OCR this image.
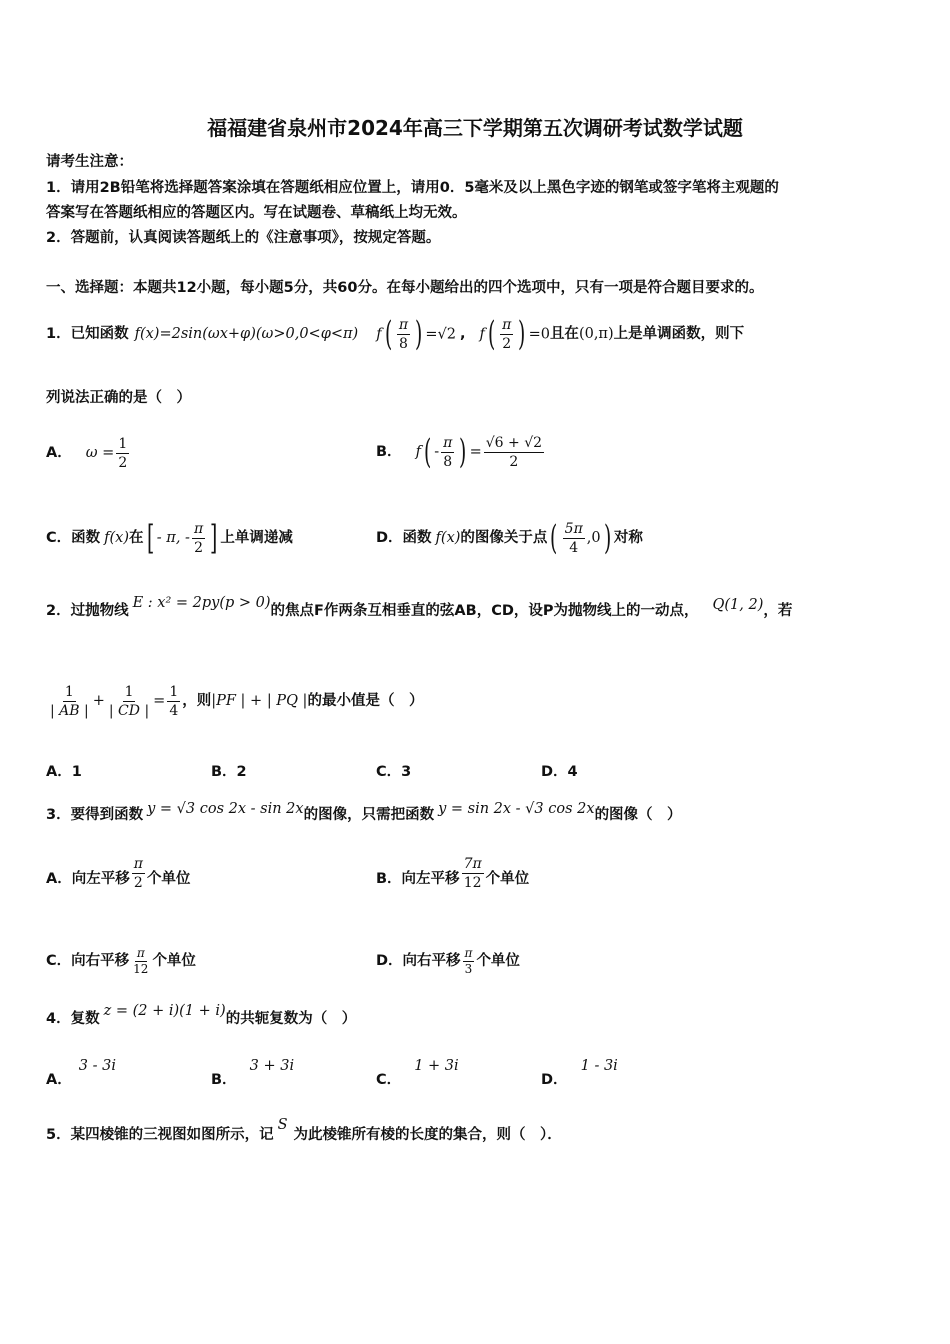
福福建省泉州市2024年高三下学期第五次调研考试数学试题
请考生注意：
1．请用2B铅笔将选择题答案涂填在答题纸相应位置上，请用0．5毫米及以上黑色字迹的钢笔或签字笔将主观题的
答案写在答题纸相应的答题区内。写在试题卷、草稿纸上均无效。
2．答题前，认真阅读答题纸上的《注意事项》，按规定答题。
一、选择题：本题共12小题，每小题5分，共60分。在每小题给出的四个选项中，只有一项是符合题目要求的。
1．已知函数 f(x)=2sin(ωx+φ)(ω>0,0<φ<π) $f( \frac{\pi}{8}$ ) =√2 , $f( \frac{\pi}{2}$ ) =0 且在 (0,π) 上是单调函数，则下
列说法正确的是（　）
A． $\omega = \frac{1}{2}$	B． f ( - $\frac{\pi}{8}$ ) = $\frac{√6 + √2}{2}$
C．函数 f(x) 在 [ - π, - $\frac{\pi}{2}$ ] 上单调递减	D．函数 f(x) 的图像关于点 ( $\frac{5\pi}{4} ,0$ ) 对称
2．过抛物线 E : x² = 2py(p > 0) 的焦点F作两条互相垂直的弦AB，CD，设P为抛物线上的一动点， Q(1, 2) ，若
$\frac{1}{| AB |} + \frac{1}{| CD |} = \frac{1}{4}$ ，则 |PF | + | PQ | 的最小值是（　）
A．1	B．2	C．3	D．4
3．要得到函数 y = √3 cos 2x - sin 2x 的图像，只需把函数 y = sin 2x - √3 cos 2x 的图像（　）
A．向左平移 $\frac{\pi}{2}$ 个单位	B．向左平移 $\frac{7\pi}{12}$ 个单位
C．向右平移 $\frac{\pi}{12}$ 个单位	D．向右平移 $\frac{\pi}{3}$ 个单位
4．复数 z = (2 + i)(1 + i) 的共轭复数为（　）
A． 3 - 3i
B． 3 + 3i
C． 1 + 3i
D． 1 - 3i
5．某四棱锥的三视图如图所示，记
S
为此棱锥所有棱的长度的集合，则（　）．
